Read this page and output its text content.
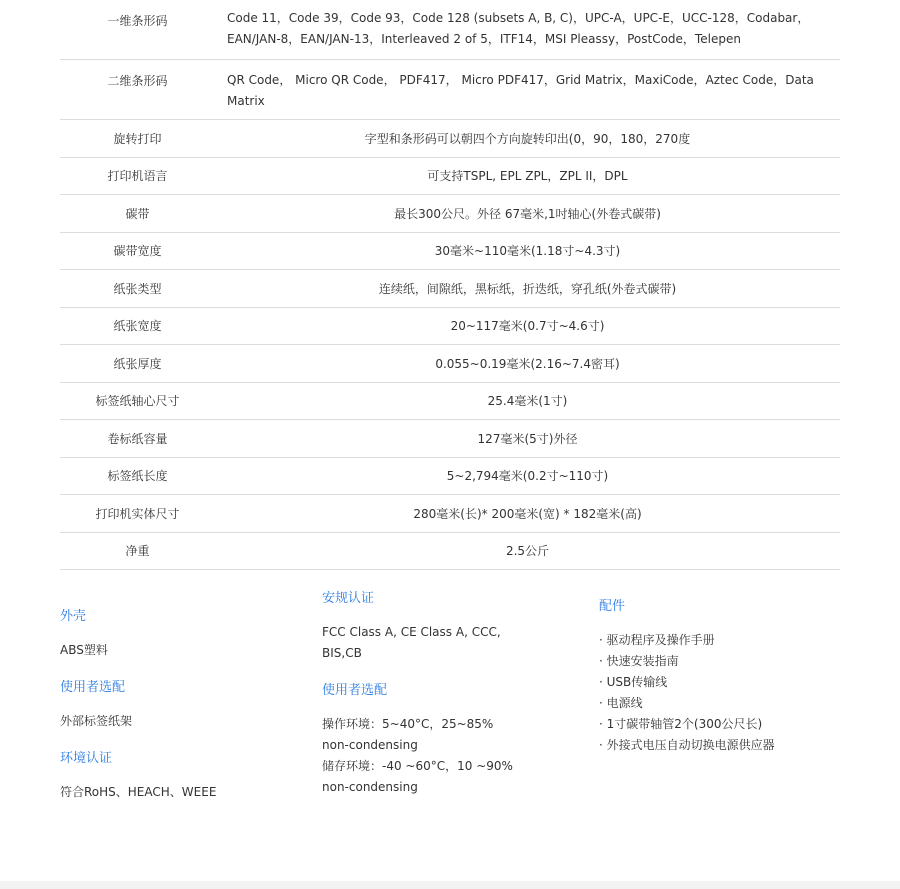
一维条形码	Code 11，Code 39，Code 93，Code 128 (subsets A, B, C)，UPC-A，UPC-E，UCC-128，Codabar，EAN/JAN-8，EAN/JAN-13，Interleaved 2 of 5，ITF14，MSI Pleassy，PostCode，Telepen
二维条形码	QR Code， Micro QR Code， PDF417， Micro PDF417，Grid Matrix，MaxiCode，Aztec Code，Data Matrix
旋转打印	字型和条形码可以朝四个方向旋转印出(0，90，180，270度
打印机语言	可支持TSPL, EPL ZPL，ZPL II，DPL
碳带	最长300公尺。外径 67毫米,1吋轴心(外卷式碳带)
碳带宽度	30毫米~110毫米(1.18寸~4.3寸)
纸张类型	连续纸，间隙纸，黑标纸，折迭纸，穿孔纸(外卷式碳带)
纸张宽度	20~117毫米(0.7寸~4.6寸)
纸张厚度	0.055~0.19毫米(2.16~7.4密耳)
标签纸轴心尺寸	25.4毫米(1寸)
卷标纸容量	127毫米(5寸)外径
标签纸长度	5~2,794毫米(0.2寸~110寸)
打印机实体尺寸	280毫米(长)* 200毫米(宽) * 182毫米(高)
净重	2.5公斤
外壳
ABS塑料
使用者选配
外部标签纸架
环境认证
符合RoHS、HEACH、WEEE
安规认证
FCC Class A, CE Class A, CCC, BIS,CB
使用者选配
操作环境：5~40°C，25~85% non-condensing
储存环境：-40 ~60°C，10 ~90% non-condensing
配件
· 驱动程序及操作手册
· 快速安装指南
· USB传输线
· 电源线
· 1寸碳带轴管2个(300公尺长)
· 外接式电压自动切换电源供应器
